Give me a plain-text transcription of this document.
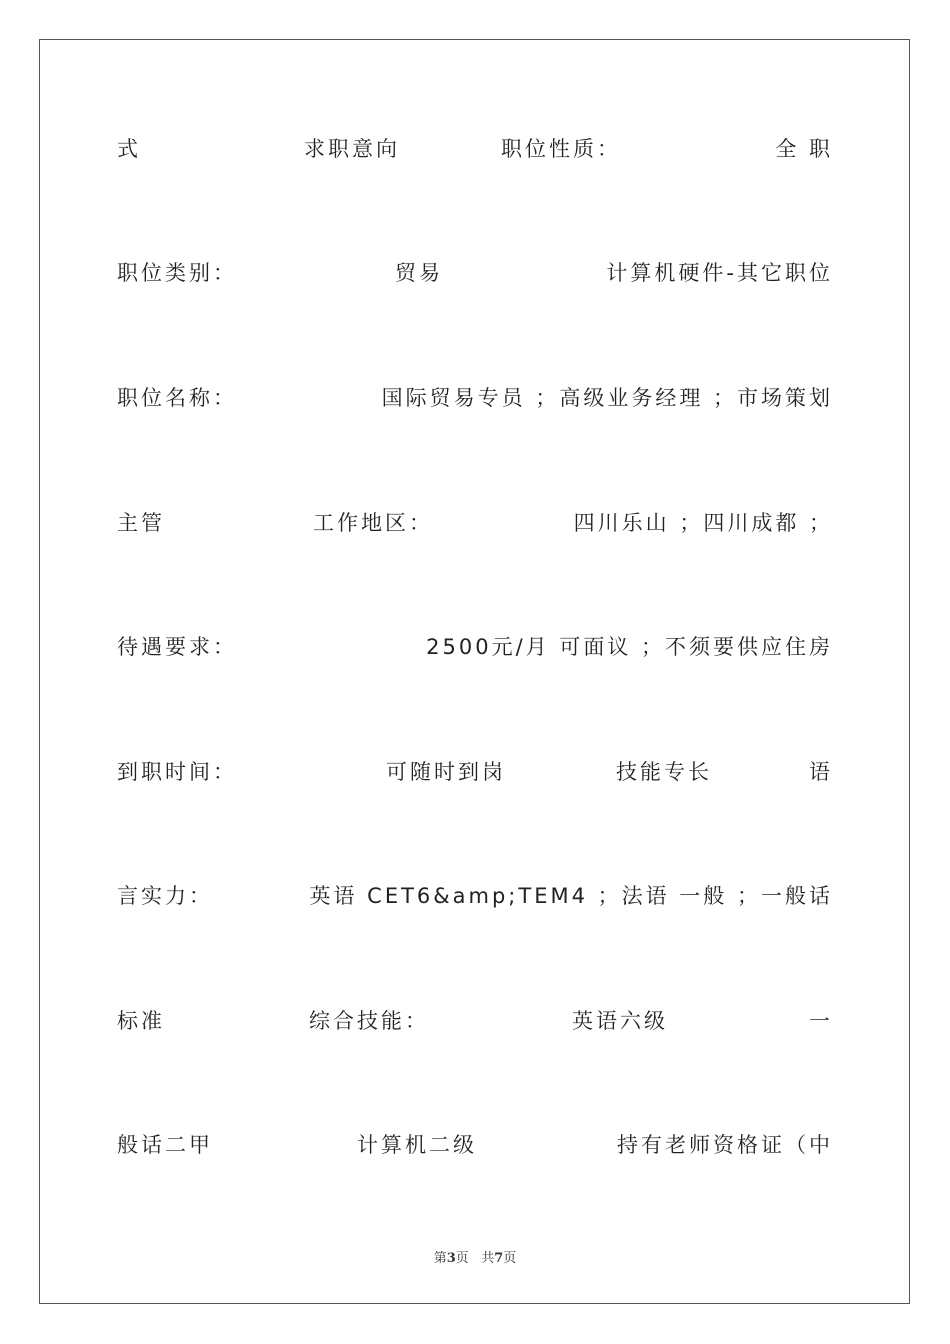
式	求职意向	职位性质：	全 职
职位类别：	贸易	计算机硬件-其它职位
职位名称：	国际贸易专员 ；高级业务经理 ；市场策划
主管	工作地区：	四川乐山 ；四川成都 ；
待遇要求：	2500元/月 可面议 ；不须要供应住房
到职时间：	可随时到岗	技能专长	语
言实力：	英语 CET6&amp;TEM4 ；法语 一般 ；一般话
标准	综合技能：	英语六级	一
般话二甲	计算机二级	持有老师资格证（中
第3页 共7页
